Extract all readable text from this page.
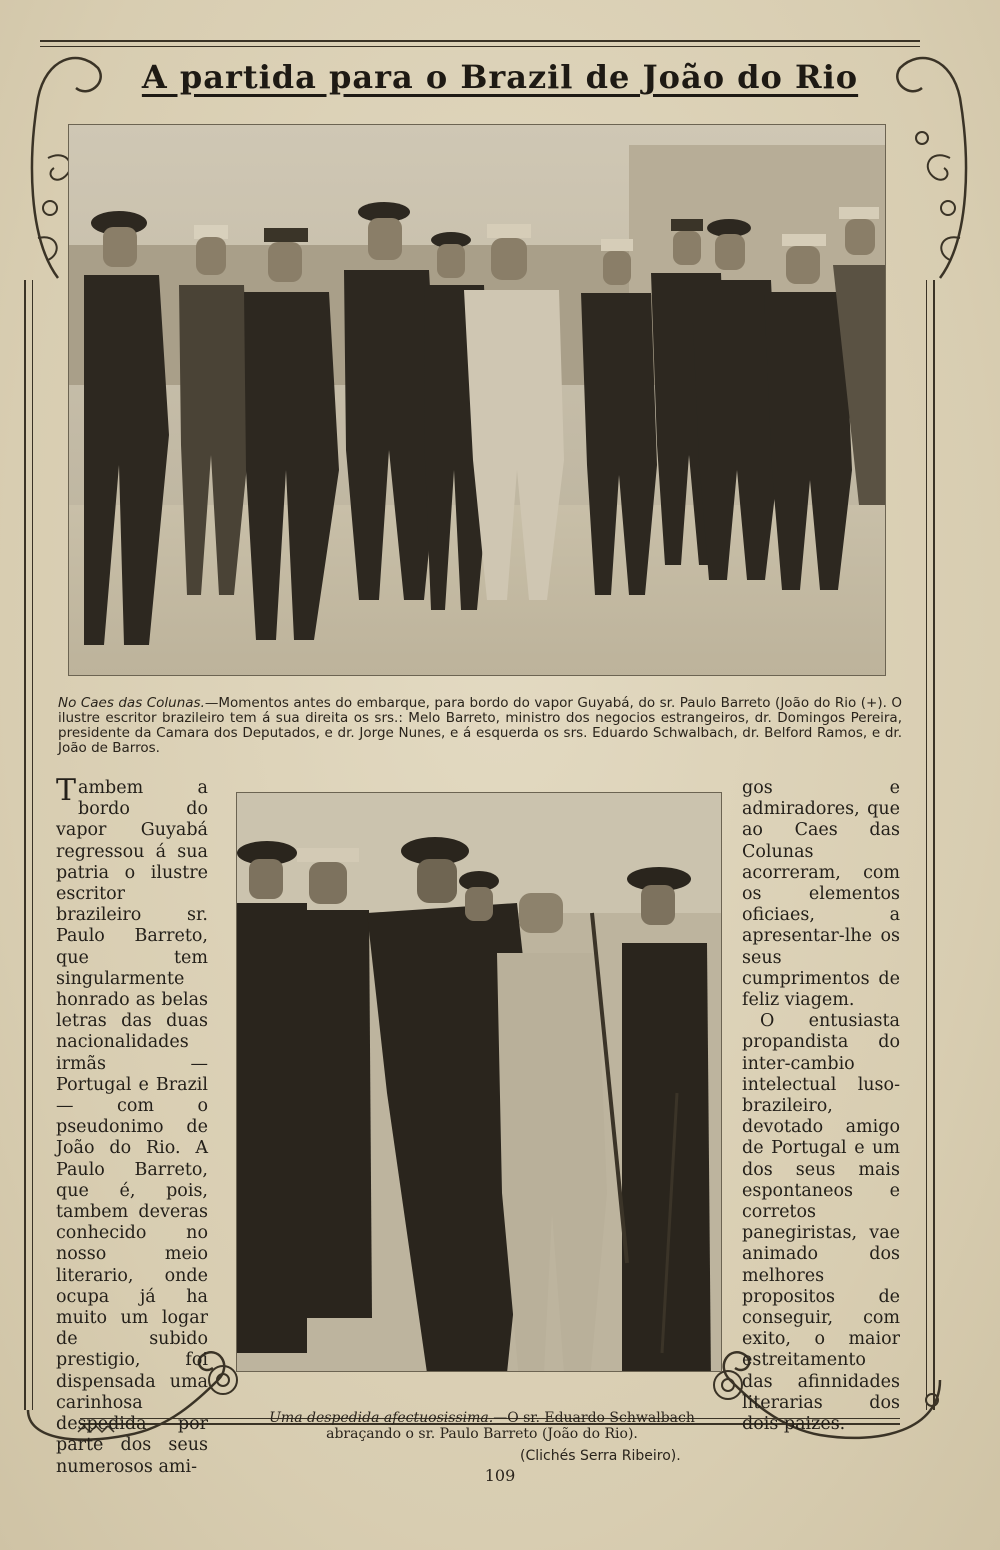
A partida para o Brazil de João do Rio
No Caes das Colunas.—Momentos antes do embarque, para bordo do vapor Guyabá, do sr. Paulo Barreto (João do Rio (+). O ilustre escritor brazileiro tem á sua direita os srs.: Melo Barreto, ministro dos negocios estrangeiros, dr. Domingos Pereira, presidente da Camara dos Deputados, e dr. Jorge Nunes, e á esquerda os srs. Eduardo Schwalbach, dr. Belford Ramos, e dr. João de Barros.

Tambem a bordo do vapor Guyabá regressou á sua patria o ilustre escritor brazileiro sr. Paulo Barreto, que tem singularmente honrado as belas letras das duas nacionalidades irmãs — Portugal e Brazil — com o pseudonimo de João do Rio. A Paulo Barreto, que é, pois, tambem deveras conhecido no nosso meio literario, onde ocupa já ha muito um logar de subido prestigio, foi dispensada uma carinhosa despedida por parte dos seus numerosos ami-

gos e admiradores, que ao Caes das Colunas acorreram, com os elementos oficiaes, a apresentar-lhe os seus cumprimentos de feliz viagem.

O entusiasta propandista do inter-cambio intelectual luso-brazileiro, devotado amigo de Portugal e um dos seus mais espontaneos e corretos panegiristas, vae animado dos melhores propositos de conseguir, com exito, o maior estreitamento das afinnidades literarias dos dois paizes.

Uma despedida afectuosissima.—O sr. Eduardo Schwalbach abraçando o sr. Paulo Barreto (João do Rio).
(Clichés Serra Ribeiro).
109
